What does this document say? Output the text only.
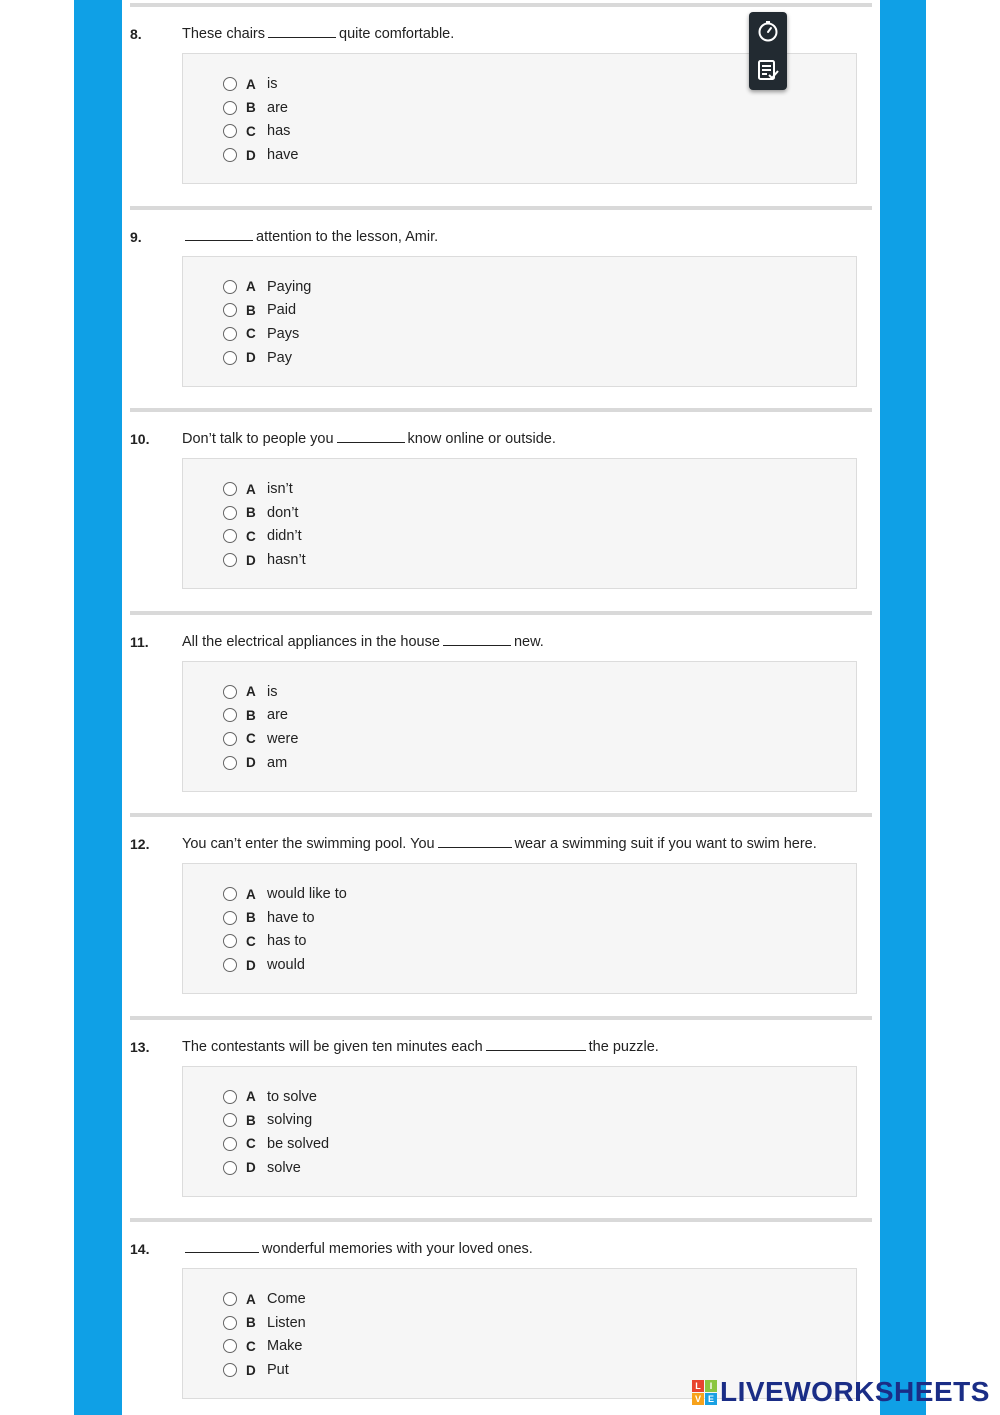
8.	These chairs	quite comfortable.
A is
B are
C has
D have
9.	attention to the lesson, Amir.
A Paying
B Paid
C Pays
D Pay
10. Don’t talk to people you	know online or outside.
A isn’t
B don’t
C didn’t
D hasn’t
11. All the electrical appliances in the house	new.
A is
B are
C were
D am
12. You can’t enter the swimming pool. You	wear a swimming suit if you want to swim here.
A would like to
B have to
C has to
D would
13. The contestants will be given ten minutes each	the puzzle.
A to solve
B solving
C be solved
D solve
14.	wonderful memories with your loved ones.
A Come
B Listen
C Make
D Put
L I
V E LIVEWORKSHEETS
